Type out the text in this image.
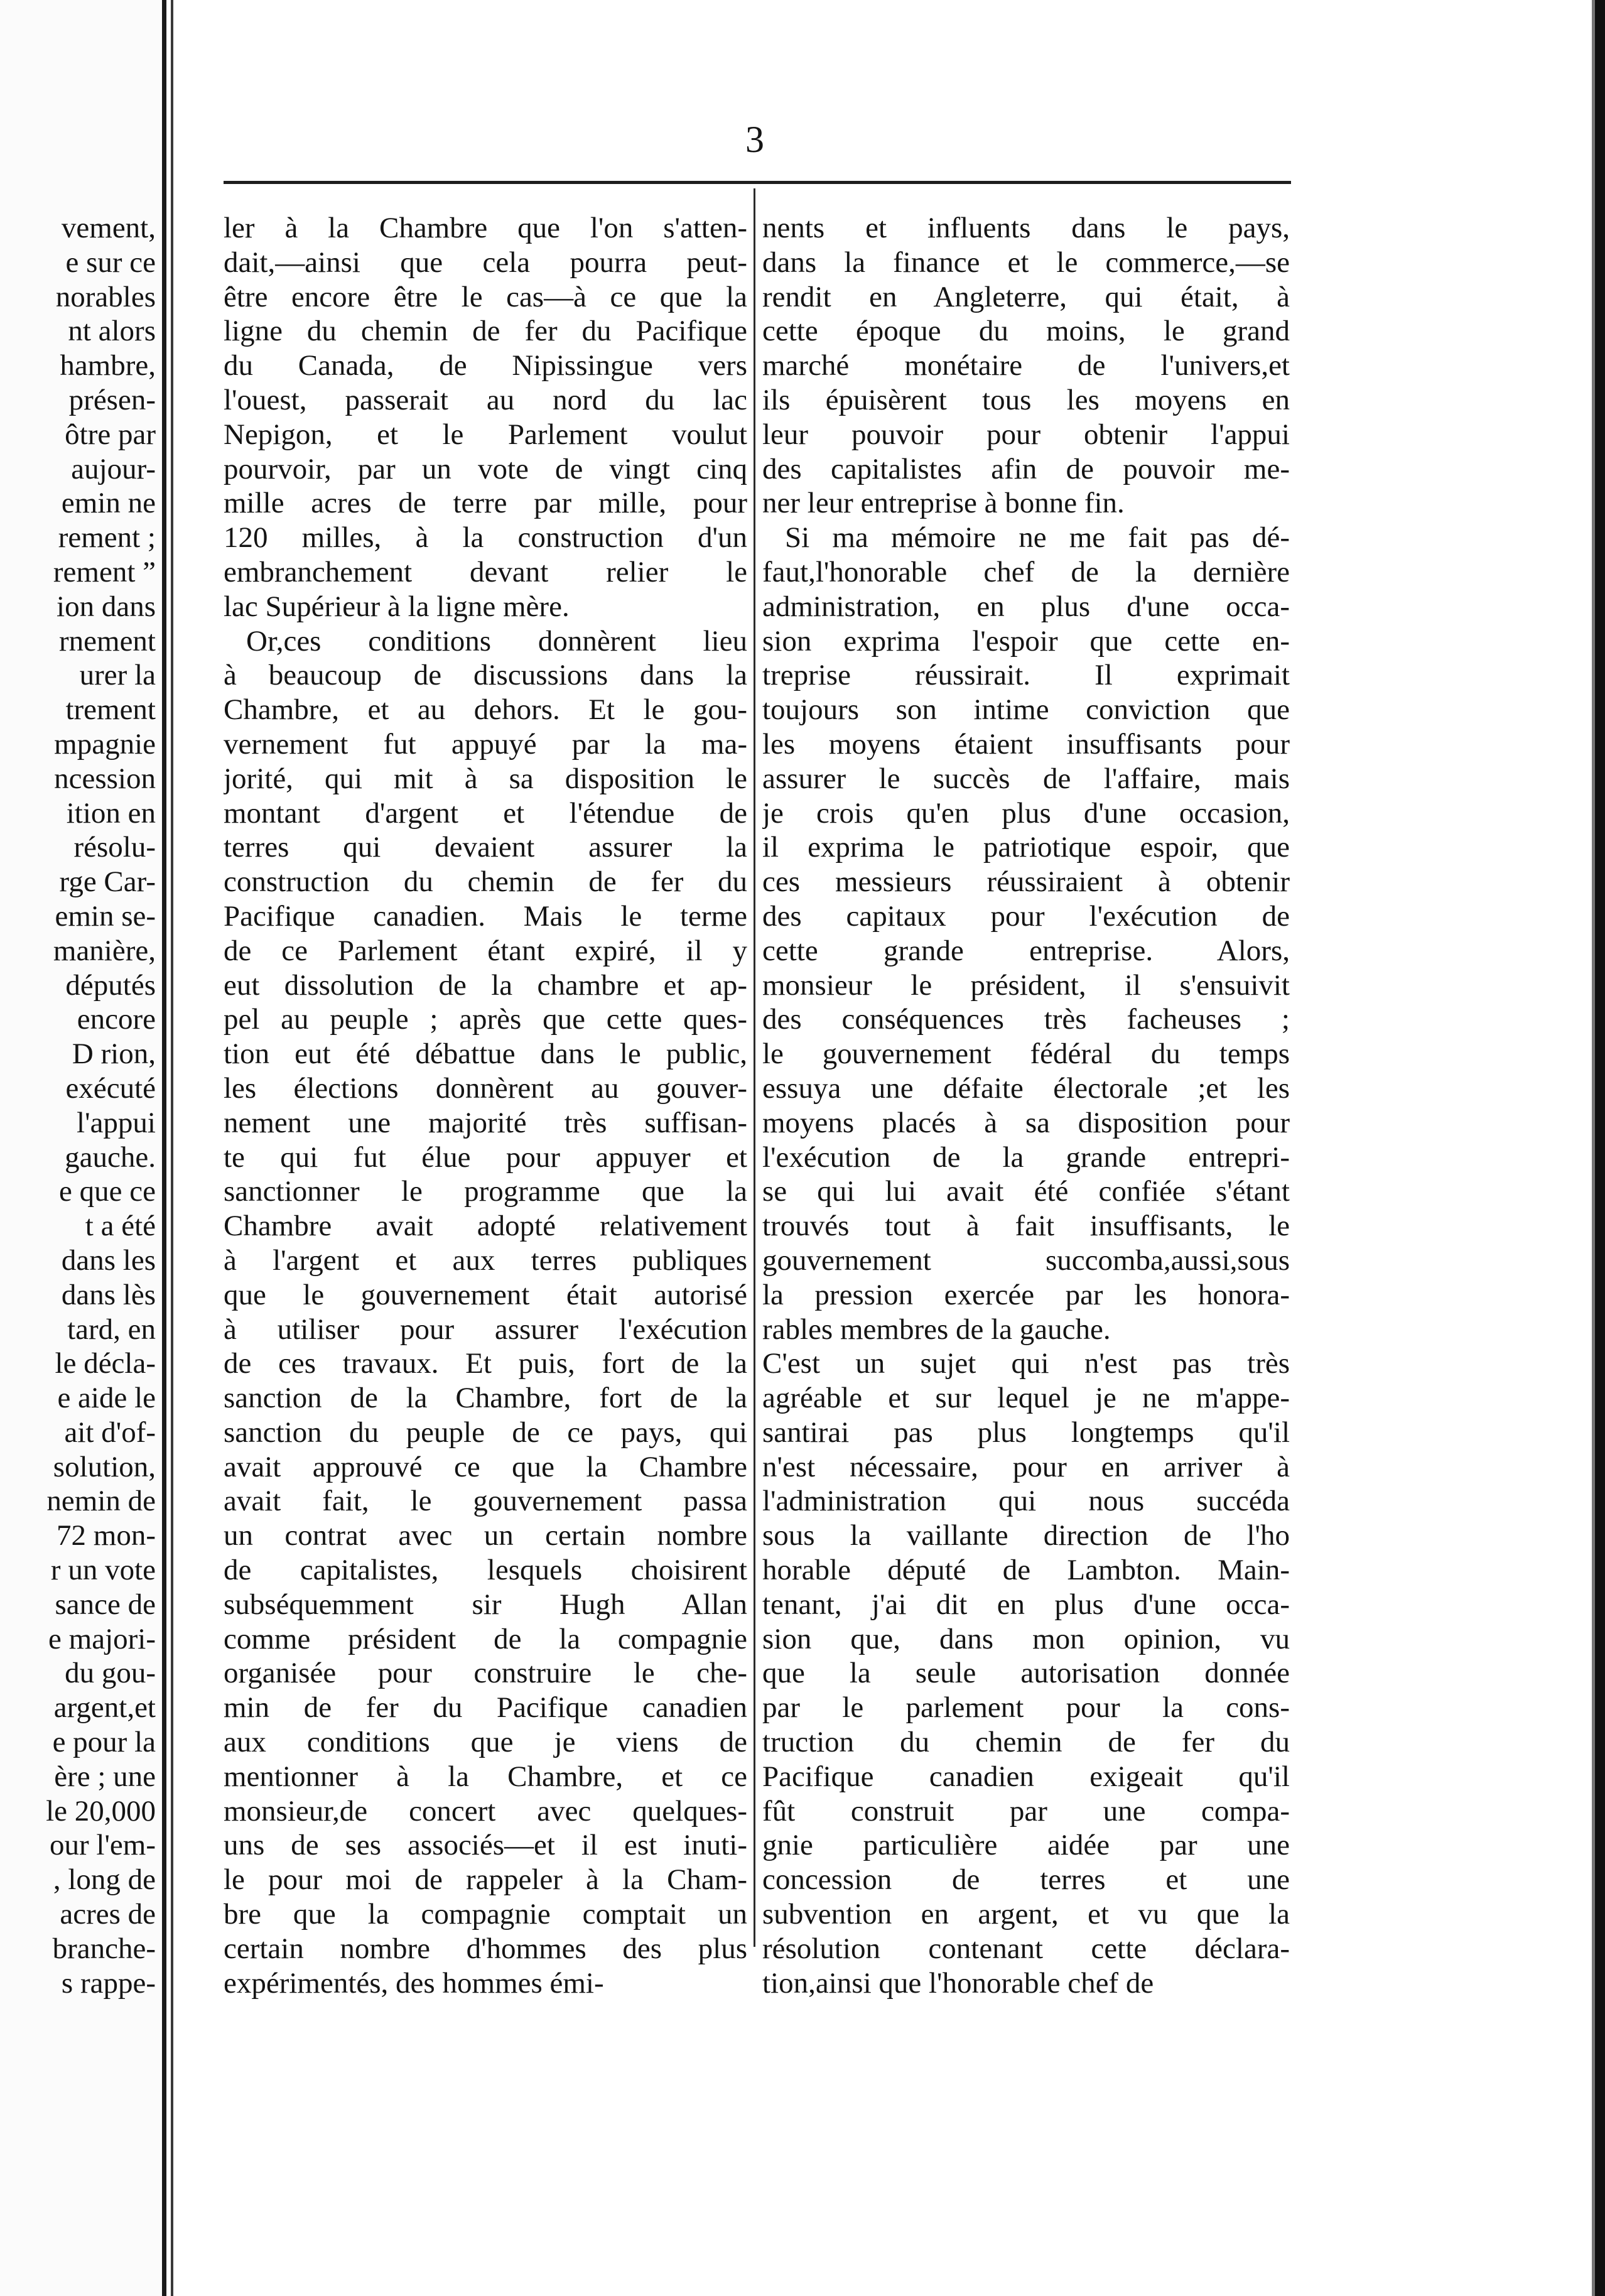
3
vement,
e sur ce
norables
nt alors
hambre,
présen-
ôtre par
aujour-
emin ne
rement ;
rement ”
ion dans
rnement
urer la
trement
mpagnie
ncession
ition en
résolu-
rge Car-
emin se-
manière,
députés
encore
D rion,
exécuté
l'appui
gauche.
e que ce
t a été
dans les
dans lès
tard, en
le décla-
e aide le
ait d'of-
solution,
nemin de
72 mon-
r un vote
sance de
e majori-
du gou-
argent,et
e pour la
ère ; une
le 20,000
our l'em-
, long de
acres de
branche-
s rappe-
ler à la Chambre que l'on s'atten-
dait,—ainsi que cela pourra peut-
être encore être le cas—à ce que la
ligne du chemin de fer du Pacifique
du Canada, de Nipissingue vers
l'ouest, passerait au nord du lac
Nepigon, et le Parlement voulut
pourvoir, par un vote de vingt cinq
mille acres de terre par mille, pour
120 milles, à la construction d'un
embranchement devant relier le
lac Supérieur à la ligne mère.
Or,ces conditions donnèrent lieu
à beaucoup de discussions dans la
Chambre, et au dehors. Et le gou-
vernement fut appuyé par la ma-
jorité, qui mit à sa disposition le
montant d'argent et l'étendue de
terres qui devaient assurer la
construction du chemin de fer du
Pacifique canadien. Mais le terme
de ce Parlement étant expiré, il y
eut dissolution de la chambre et ap-
pel au peuple ; après que cette ques-
tion eut été débattue dans le public,
les élections donnèrent au gouver-
nement une majorité très suffisan-
te qui fut élue pour appuyer et
sanctionner le programme que la
Chambre avait adopté relativement
à l'argent et aux terres publiques
que le gouvernement était autorisé
à utiliser pour assurer l'exécution
de ces travaux. Et puis, fort de la
sanction de la Chambre, fort de la
sanction du peuple de ce pays, qui
avait approuvé ce que la Chambre
avait fait, le gouvernement passa
un contrat avec un certain nombre
de capitalistes, lesquels choisirent
subséquemment sir Hugh Allan
comme président de la compagnie
organisée pour construire le che-
min de fer du Pacifique canadien
aux conditions que je viens de
mentionner à la Chambre, et ce
monsieur,de concert avec quelques-
uns de ses associés—et il est inuti-
le pour moi de rappeler à la Cham-
bre que la compagnie comptait un
certain nombre d'hommes des plus
expérimentés, des hommes émi-
nents et influents dans le pays,
dans la finance et le commerce,—se
rendit en Angleterre, qui était, à
cette époque du moins, le grand
marché monétaire de l'univers,et
ils épuisèrent tous les moyens en
leur pouvoir pour obtenir l'appui
des capitalistes afin de pouvoir me-
ner leur entreprise à bonne fin.
Si ma mémoire ne me fait pas dé-
faut,l'honorable chef de la dernière
administration, en plus d'une occa-
sion exprima l'espoir que cette en-
treprise réussirait. Il exprimait
toujours son intime conviction que
les moyens étaient insuffisants pour
assurer le succès de l'affaire, mais
je crois qu'en plus d'une occasion,
il exprima le patriotique espoir, que
ces messieurs réussiraient à obtenir
des capitaux pour l'exécution de
cette grande entreprise. Alors,
monsieur le président, il s'ensuivit
des conséquences très facheuses ;
le gouvernement fédéral du temps
essuya une défaite électorale ;et les
moyens placés à sa disposition pour
l'exécution de la grande entrepri-
se qui lui avait été confiée s'étant
trouvés tout à fait insuffisants, le
gouvernement succomba,aussi,sous
la pression exercée par les honora-
rables membres de la gauche.
C'est un sujet qui n'est pas très
agréable et sur lequel je ne m'appe-
santirai pas plus longtemps qu'il
n'est nécessaire, pour en arriver à
l'administration qui nous succéda
sous la vaillante direction de l'ho
horable député de Lambton. Main-
tenant, j'ai dit en plus d'une occa-
sion que, dans mon opinion, vu
que la seule autorisation donnée
par le parlement pour la cons-
truction du chemin de fer du
Pacifique canadien exigeait qu'il
fût construit par une compa-
gnie particulière aidée par une
concession de terres et une
subvention en argent, et vu que la
résolution contenant cette déclara-
tion,ainsi que l'honorable chef de
